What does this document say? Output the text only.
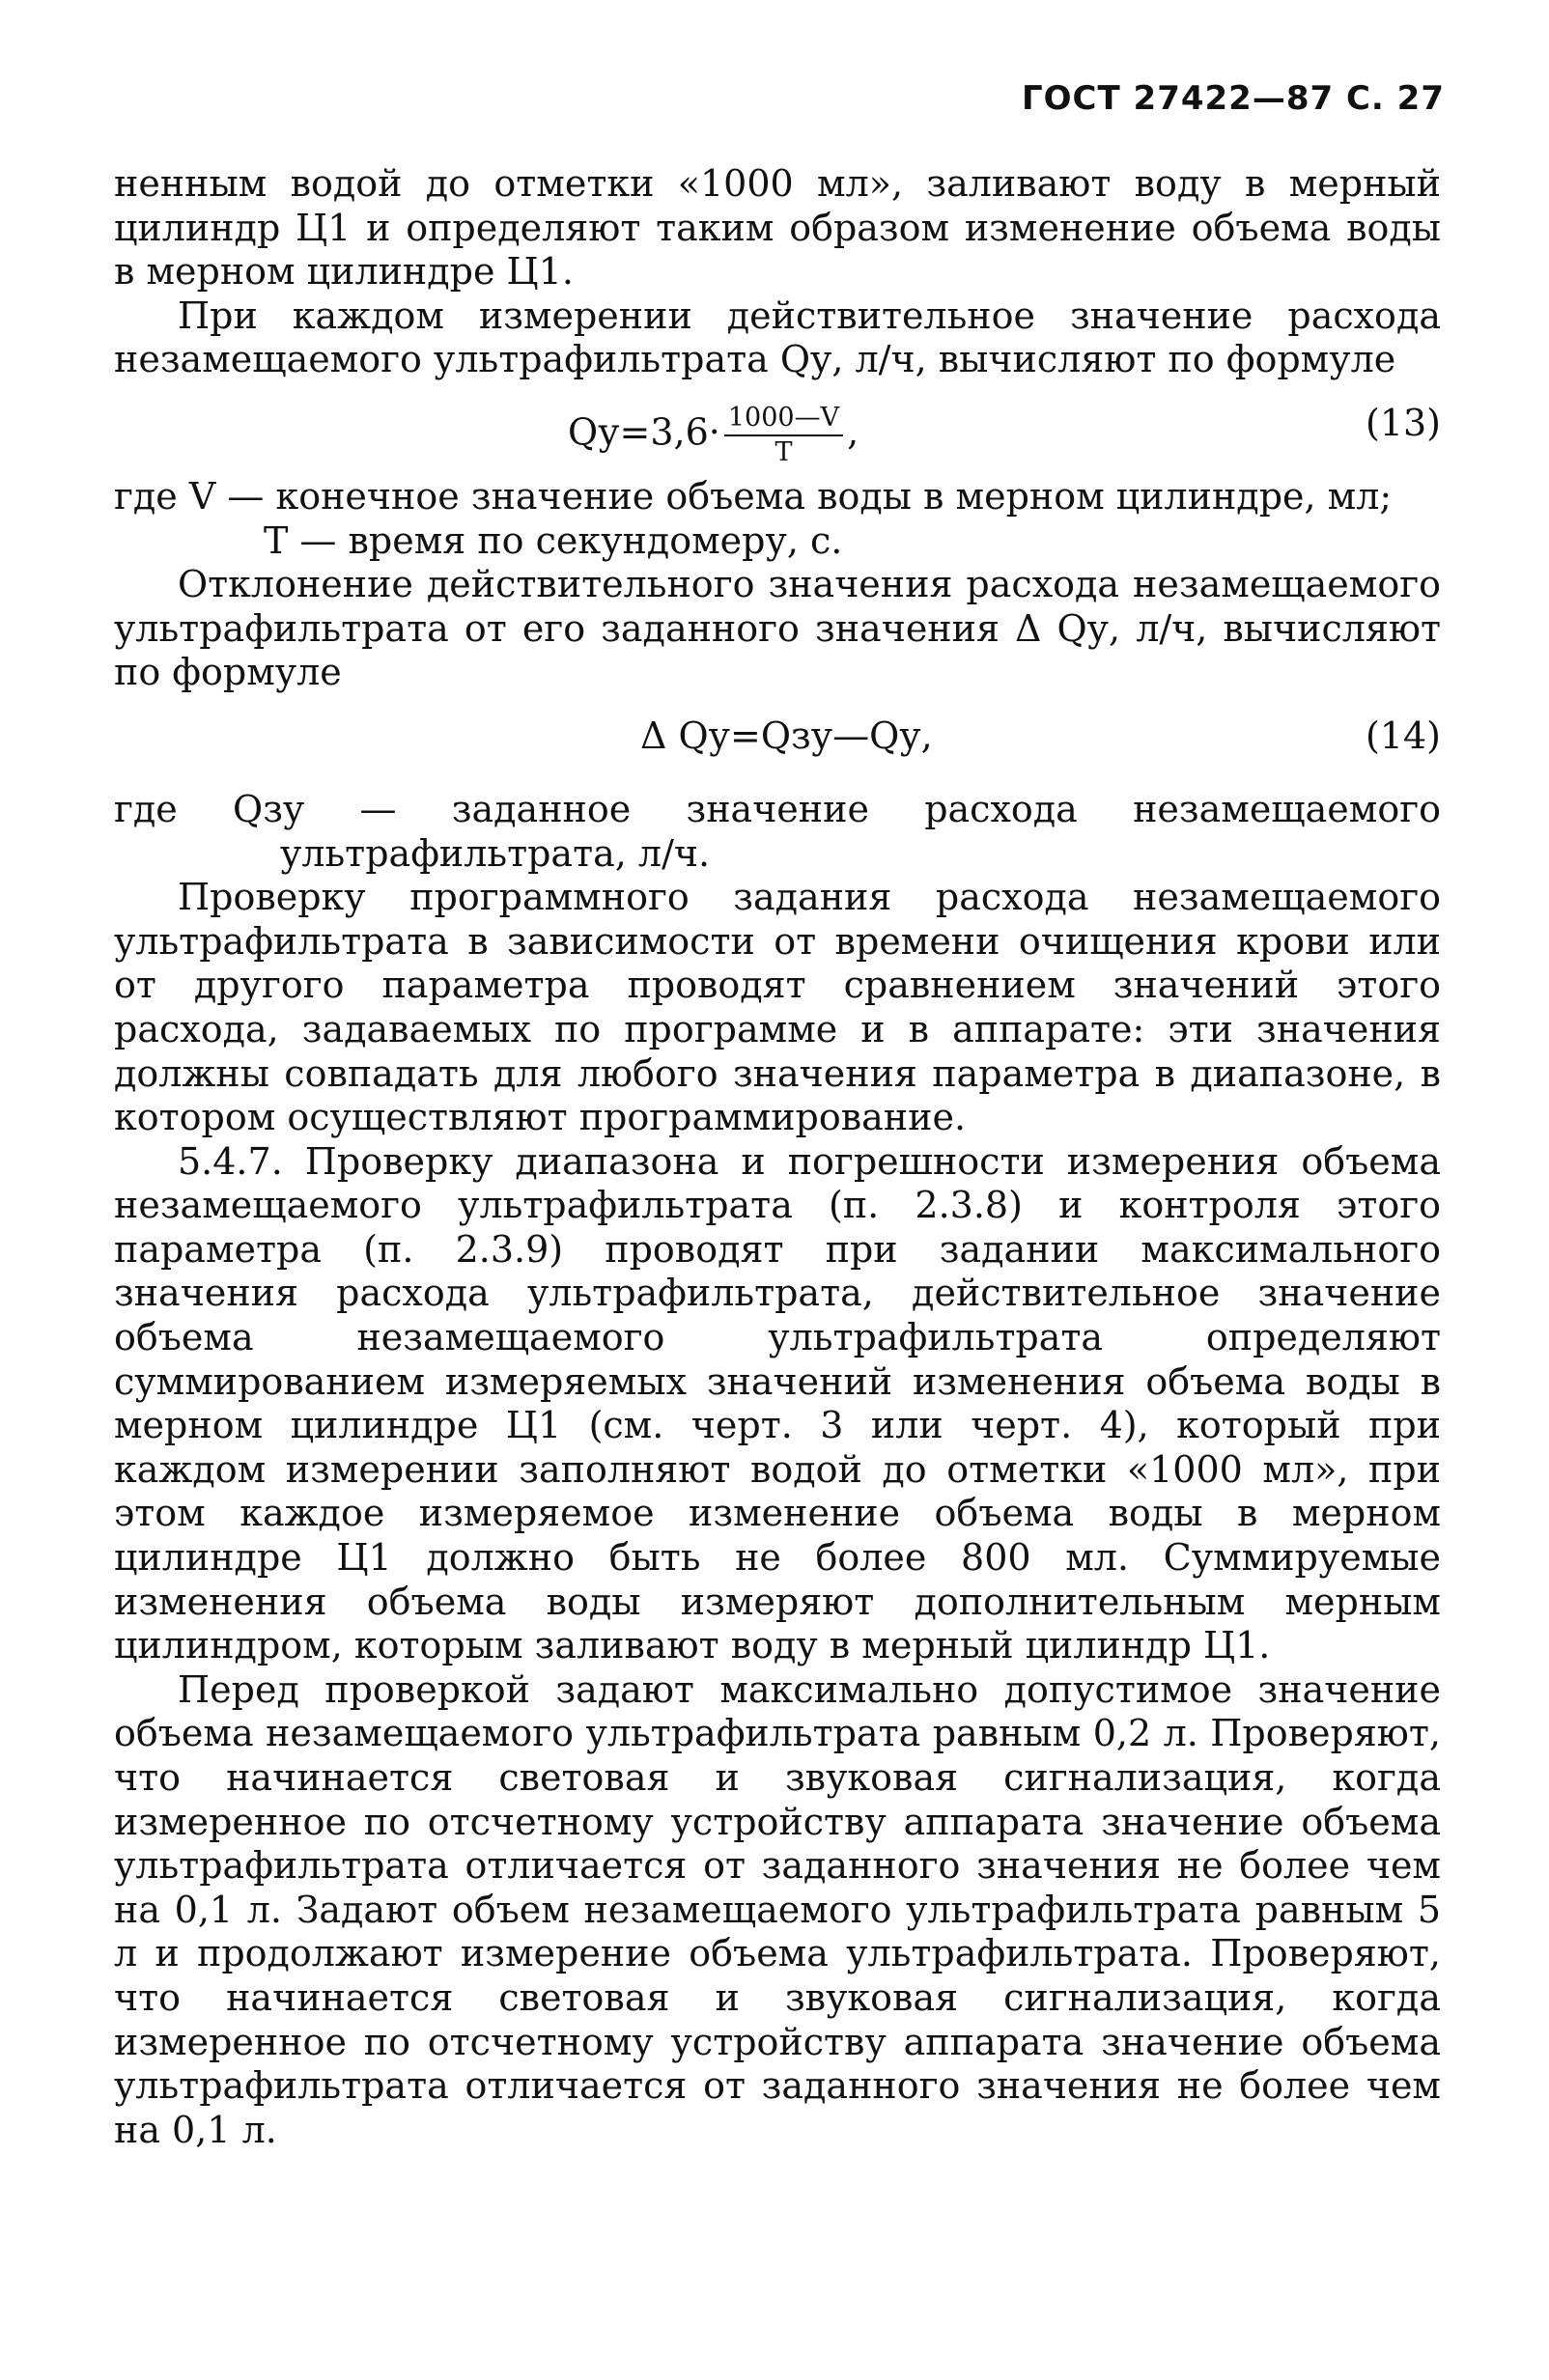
ГОСТ 27422—87 С. 27

ненным водой до отметки «1000 мл», заливают воду в мерный цилиндр Ц1 и определяют таким образом изменение объема воды в мерном цилиндре Ц1.

При каждом измерении действительное значение расхода незамещаемого ультрафильтрата Qу, л/ч, вычисляют по формуле

$Qу=3,6\cdot \frac{1000—V}{T}$ ,	(13)

где V — конечное значение объема воды в мерном цилиндре, мл;

T — время по секундомеру, с.

Отклонение действительного значения расхода незамещаемого ультрафильтрата от его заданного значения Δ Qу, л/ч, вычисляют по формуле

Δ Qу=Qзу—Qу,	(14)

где Qзу — заданное значение расхода незамещаемого ультрафильтрата, л/ч.

Проверку программного задания расхода незамещаемого ультрафильтрата в зависимости от времени очищения крови или от другого параметра проводят сравнением значений этого расхода, задаваемых по программе и в аппарате: эти значения должны совпадать для любого значения параметра в диапазоне, в котором осуществляют программирование.

5.4.7. Проверку диапазона и погрешности измерения объема незамещаемого ультрафильтрата (п. 2.3.8) и контроля этого параметра (п. 2.3.9) проводят при задании максимального значения расхода ультрафильтрата, действительное значение объема незамещаемого ультрафильтрата определяют суммированием измеряемых значений изменения объема воды в мерном цилиндре Ц1 (см. черт. 3 или черт. 4), который при каждом измерении заполняют водой до отметки «1000 мл», при этом каждое измеряемое изменение объема воды в мерном цилиндре Ц1 должно быть не более 800 мл. Суммируемые изменения объема воды измеряют дополнительным мерным цилиндром, которым заливают воду в мерный цилиндр Ц1.

Перед проверкой задают максимально допустимое значение объема незамещаемого ультрафильтрата равным 0,2 л. Проверяют, что начинается световая и звуковая сигнализация, когда измеренное по отсчетному устройству аппарата значение объема ультрафильтрата отличается от заданного значения не более чем на 0,1 л. Задают объем незамещаемого ультрафильтрата равным 5 л и продолжают измерение объема ультрафильтрата. Проверяют, что начинается световая и звуковая сигнализация, когда измеренное по отсчетному устройству аппарата значение объема ультрафильтрата отличается от заданного значения не более чем на 0,1 л.
